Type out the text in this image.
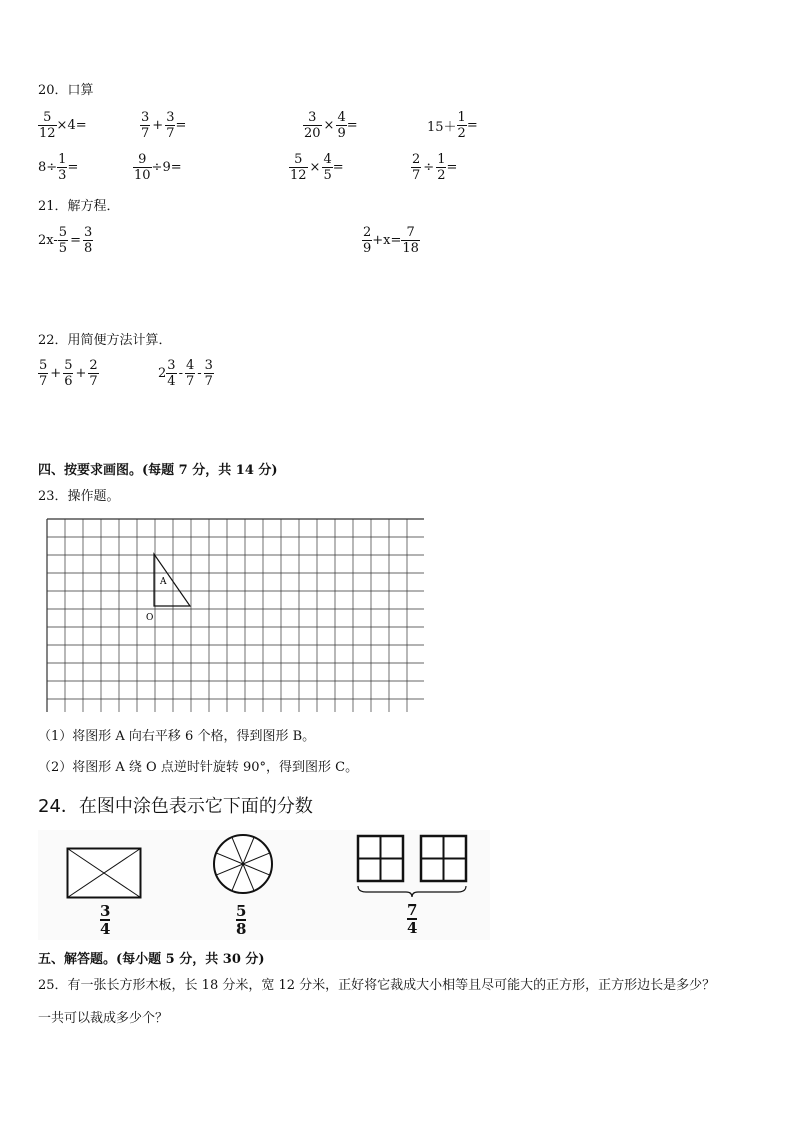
20．口算
$\frac{5}{12} \times 4=$	$\frac{3}{7} + \frac{3}{7}$ =	$\frac{3}{20} \times \frac{4}{9}$ =	$15+ \frac{1}{2}$ =
$8\div \frac{1}{3}$ =	$\frac{9}{10} \div 9=$	$\frac{5}{12} \times \frac{4}{5}$ =	$\frac{2}{7} \div \frac{1}{2}$ =
21．解方程．
$2x- \frac{5}{5} = \frac{3}{8}$	$\frac{2}{9} +x= \frac{7}{18}$
22．用简便方法计算．
$\frac{5}{7} + \frac{5}{6} + \frac{2}{7}$	$2 \frac{3}{4} - \frac{4}{7} - \frac{3}{7}$
四、按要求画图。(每题 7 分，共 14 分)
23．操作题。
A
O
（1）将图形 A 向右平移 6 个格，得到图形 B。
（2）将图形 A 绕 O 点逆时针旋转 90°，得到图形 C。
24．在图中涂色表示它下面的分数
3
4
5
8
7
4
五、解答题。(每小题 5 分，共 30 分)
25．有一张长方形木板，长 18 分米，宽 12 分米，正好将它裁成大小相等且尽可能大的正方形，正方形边长是多少？
一共可以裁成多少个？
